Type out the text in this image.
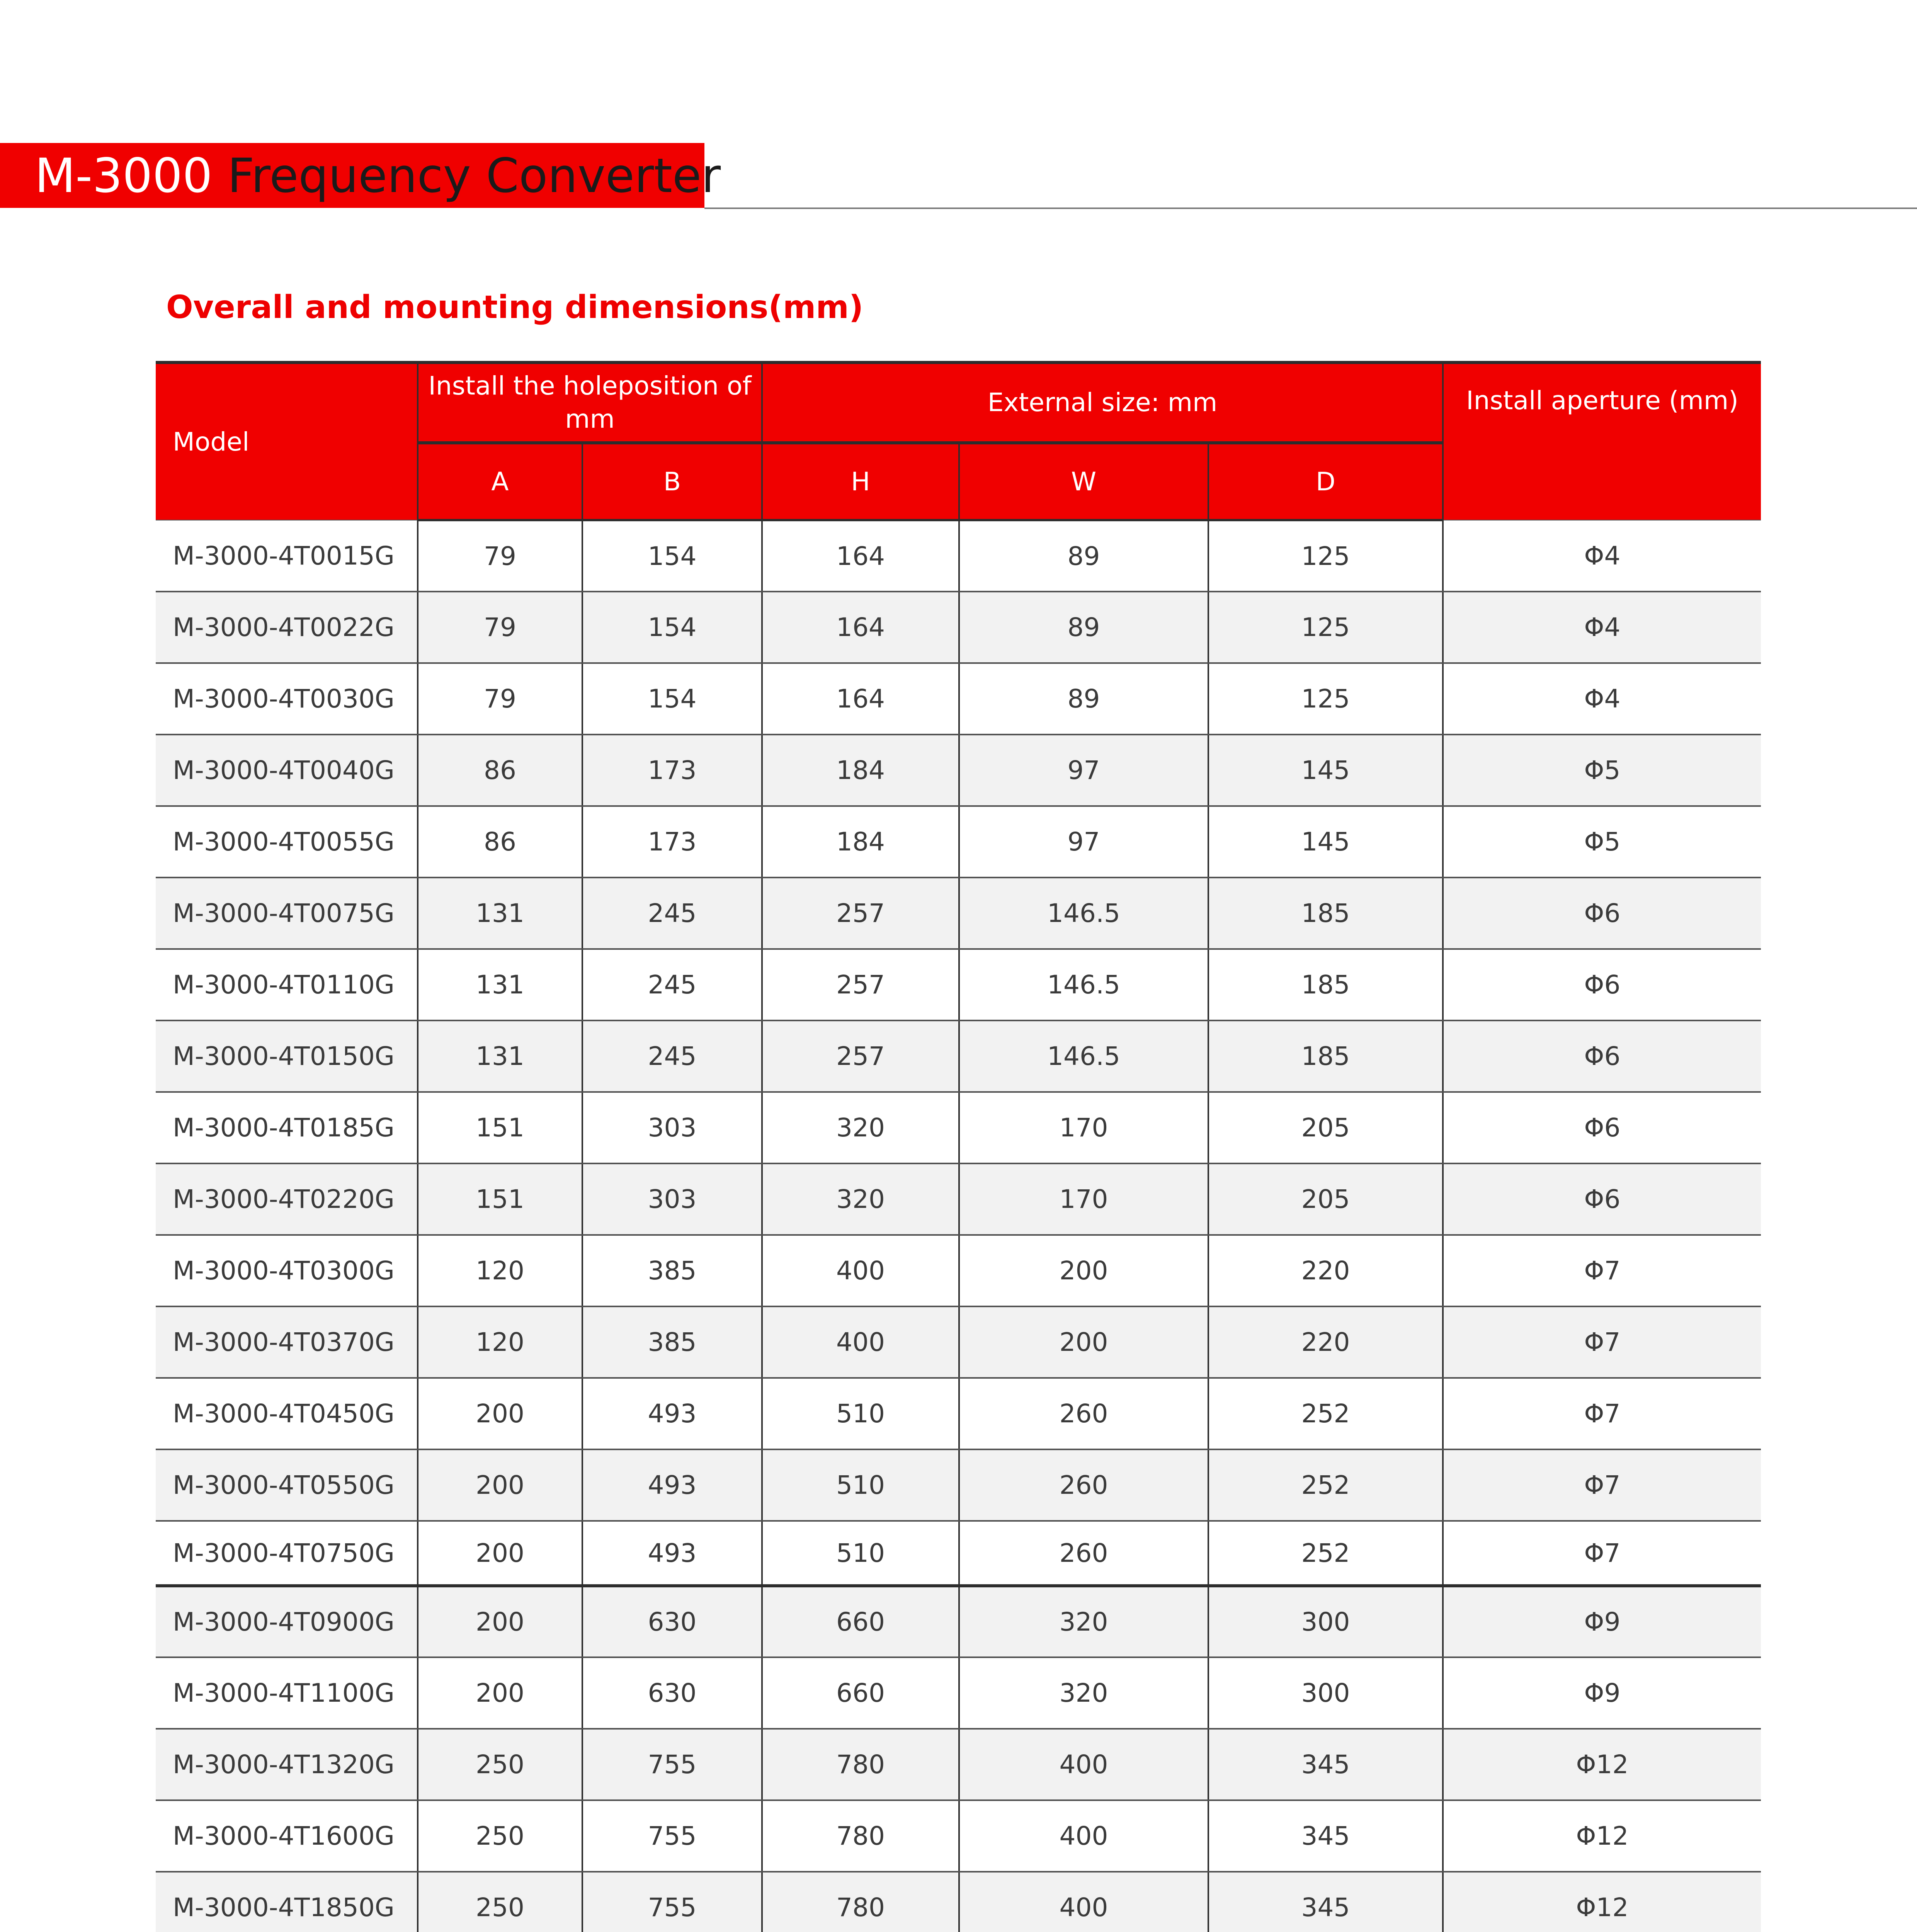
M-3000 Frequency Converter
Overall and mounting dimensions(mm)
Model	Install the holeposition of mm		External size: mm			Install aperture (mm)
	A	B	H	W	D	
M-3000-4T0015G	79	154	164	89	125	Φ4
M-3000-4T0022G	79	154	164	89	125	Φ4
M-3000-4T0030G	79	154	164	89	125	Φ4
M-3000-4T0040G	86	173	184	97	145	Φ5
M-3000-4T0055G	86	173	184	97	145	Φ5
M-3000-4T0075G	131	245	257	146.5	185	Φ6
M-3000-4T0110G	131	245	257	146.5	185	Φ6
M-3000-4T0150G	131	245	257	146.5	185	Φ6
M-3000-4T0185G	151	303	320	170	205	Φ6
M-3000-4T0220G	151	303	320	170	205	Φ6
M-3000-4T0300G	120	385	400	200	220	Φ7
M-3000-4T0370G	120	385	400	200	220	Φ7
M-3000-4T0450G	200	493	510	260	252	Φ7
M-3000-4T0550G	200	493	510	260	252	Φ7
M-3000-4T0750G	200	493	510	260	252	Φ7
M-3000-4T0900G	200	630	660	320	300	Φ9
M-3000-4T1100G	200	630	660	320	300	Φ9
M-3000-4T1320G	250	755	780	400	345	Φ12
M-3000-4T1600G	250	755	780	400	345	Φ12
M-3000-4T1850G	250	755	780	400	345	Φ12
